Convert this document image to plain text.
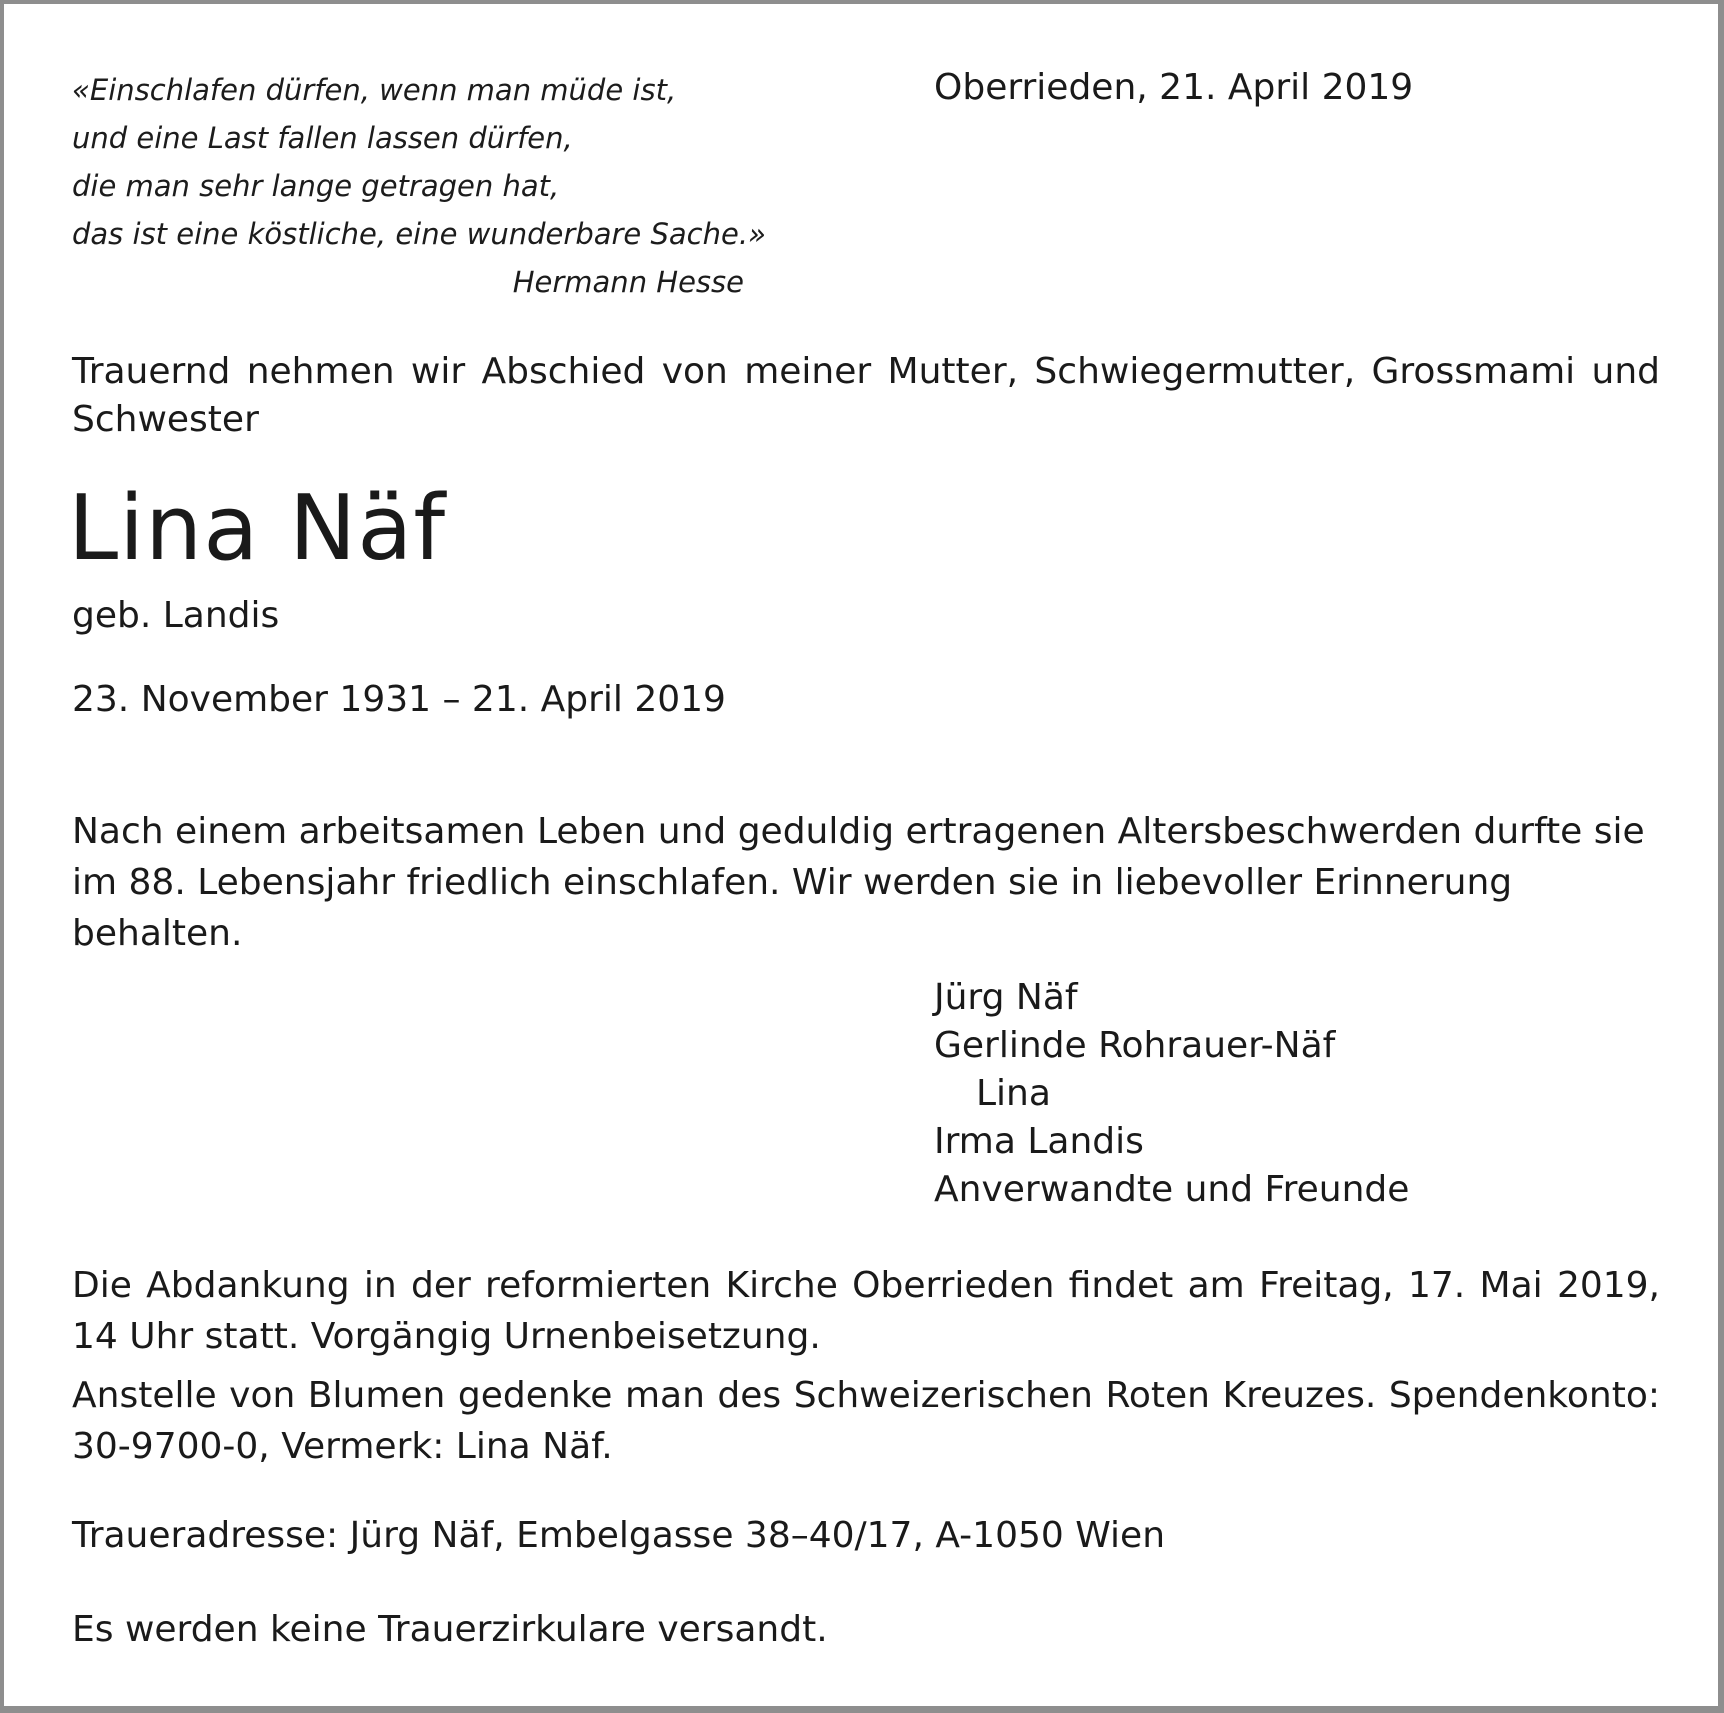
«Einschlafen dürfen, wenn man müde ist,
und eine Last fallen lassen dürfen,
die man sehr lange getragen hat,
das ist eine köstliche, eine wunderbare Sache.»
Hermann Hesse
Oberrieden, 21. April 2019
Trauernd nehmen wir Abschied von meiner Mutter, Schwiegermutter, Grossmami und Schwester
Lina Näf
geb. Landis
23. November 1931 – 21. April 2019
Nach einem arbeitsamen Leben und geduldig ertragenen Altersbeschwerden durfte sie im 88. Lebensjahr friedlich einschlafen. Wir werden sie in liebevoller Erinnerung behalten.
Jürg Näf
Gerlinde Rohrauer-Näf
Lina
Irma Landis
Anverwandte und Freunde
Die Abdankung in der reformierten Kirche Oberrieden findet am Freitag, 17. Mai 2019, 14 Uhr statt. Vorgängig Urnenbeisetzung.
Anstelle von Blumen gedenke man des Schweizerischen Roten Kreuzes. Spendenkonto: 30-9700-0, Vermerk: Lina Näf.
Traueradresse: Jürg Näf, Embelgasse 38–40/17, A-1050 Wien
Es werden keine Trauerzirkulare versandt.
